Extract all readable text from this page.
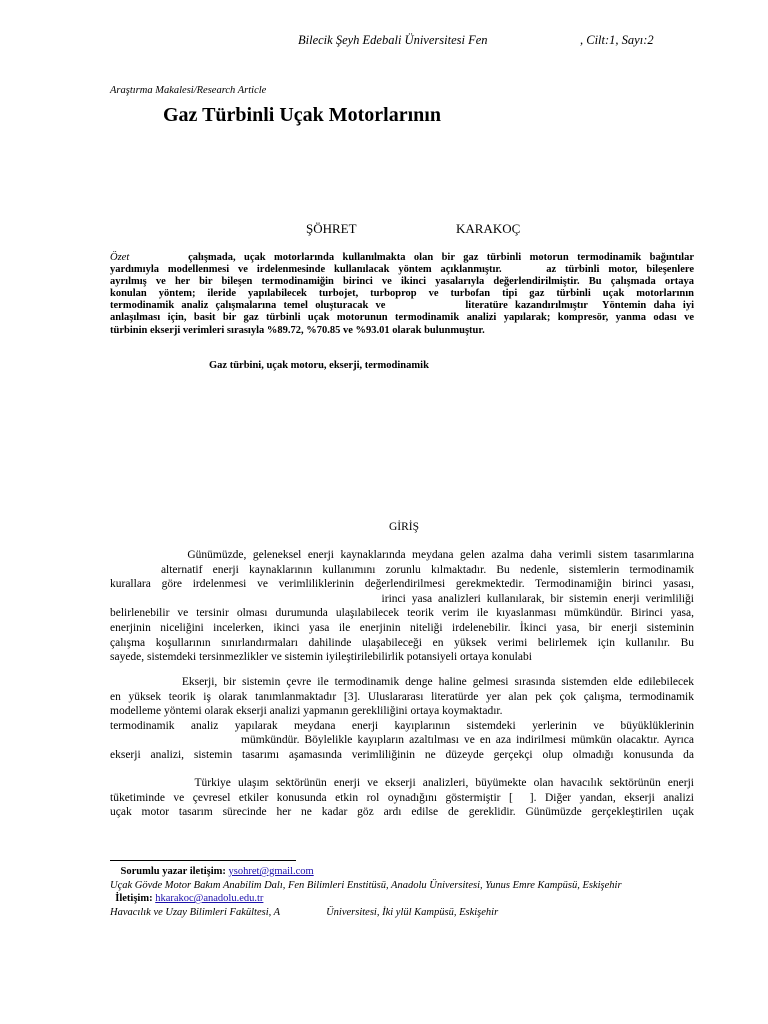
Bilecik Şeyh Edebali Üniversitesi Fen	, Cilt:1, Sayı:2
Araştırma Makalesi/Research Article
Gaz Türbinli Uçak Motorlarının
ŞÖHRET	KARAKOÇ
Özet	çalışmada, uçak motorlarında kullanılmakta olan bir gaz türbinli motorun termodinamik bağıntılar
yardımıyla modellenmesi ve irdelenmesinde kullanılacak yöntem açıklanmıştır.     az türbinli motor, bileşenlere
ayrılmış ve her bir bileşen termodinamiğin birinci ve ikinci yasalarıyla değerlendirilmiştir. Bu çalışmada ortaya
konulan yöntem; ileride yapılabilecek turbojet, turboprop ve turbofan tipi gaz türbinli uçak motorlarının
termodinamik analiz çalışmalarına temel oluşturacak ve           literatüre kazandırılmıştır  Yöntemin daha iyi
anlaşılması için, basit bir gaz türbinli uçak motorunun termodinamik analizi yapılarak; kompresör, yanma odası ve
türbinin ekserji verimleri sırasıyla %89.72, %70.85 ve %93.01 olarak bulunmuştur.
Gaz türbini, uçak motoru, ekserji, termodinamik
GİRİŞ
Günümüzde, geleneksel enerji kaynaklarında meydana gelen azalma daha verimli sistem tasarımlarına
alternatif enerji kaynaklarının kullanımını zorunlu kılmaktadır. Bu nedenle, sistemlerin termodinamik
kurallara göre irdelenmesi ve verimliliklerinin değerlendirilmesi gerekmektedir. Termodinamiğin birinci yasası,
irinci yasa analizleri kullanılarak, bir sistemin enerji verimliliği
belirlenebilir ve tersinir olması durumunda ulaşılabilecek teorik verim ile kıyaslanması mümkündür. Birinci yasa,
enerjinin niceliğini incelerken, ikinci yasa ile enerjinin niteliği irdelenebilir. İkinci yasa, bir enerji sisteminin
çalışma koşullarının sınırlandırmaları dahilinde ulaşabileceği en yüksek verimi belirlemek için kullanılır. Bu
sayede, sistemdeki tersinmezlikler ve sistemin iyileştirilebilirlik potansiyeli ortaya konulabi
Ekserji, bir sistemin çevre ile termodinamik denge haline gelmesi sırasında sistemden elde edilebilecek
en yüksek teorik iş olarak tanımlanmaktadır [3]. Uluslararası literatürde yer alan pek çok çalışma, termodinamik
modelleme yöntemi olarak ekserji analizi yapmanın gerekliliğini ortaya koymaktadır.
termodinamik analiz yapılarak meydana enerji kayıplarının sistemdeki yerlerinin ve büyüklüklerinin
mümkündür. Böylelikle kayıpların azaltılması ve en aza indirilmesi mümkün olacaktır. Ayrıca
ekserji analizi, sistemin tasarımı aşamasında verimliliğinin ne düzeyde gerçekçi olup olmadığı konusunda da
Türkiye ulaşım sektörünün enerji ve ekserji analizleri, büyümekte olan havacılık sektörünün enerji
tüketiminde ve çevresel etkiler konusunda etkin rol oynadığını göstermiştir [  ]. Diğer yandan, ekserji analizi
uçak motor tasarım sürecinde her ne kadar göz ardı edilse de gereklidir. Günümüzde gerçekleştirilen uçak
Sorumlu yazar iletişim: ysohret@gmail.com
Uçak Gövde Motor Bakım Anabilim Dalı, Fen Bilimleri Enstitüsü, Anadolu Üniversitesi, Yunus Emre Kampüsü, Eskişehir
İletişim: hkarakoc@anadolu.edu.tr
Havacılık ve Uzay Bilimleri Fakültesi, A	Üniversitesi, İki ylül Kampüsü, Eskişehir
